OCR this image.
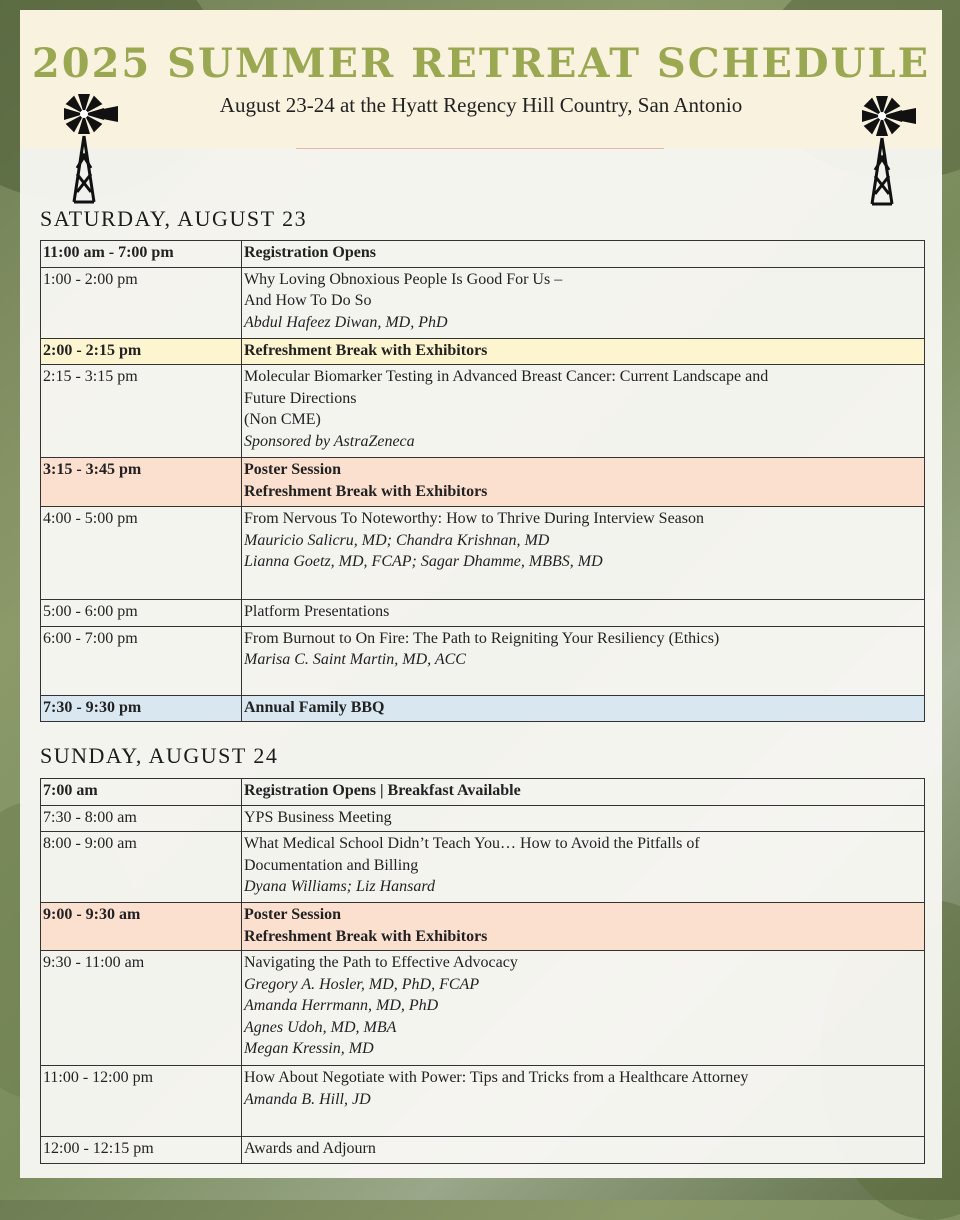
2025 SUMMER RETREAT SCHEDULE

August 23-24 at the Hyatt Regency Hill Country, San Antonio

SATURDAY, AUGUST 23
11:00 am - 7:00 pm	Registration Opens
1:00 - 2:00 pm	Why Loving Obnoxious People Is Good For Us –
And How To Do So
Abdul Hafeez Diwan, MD, PhD

2:00 - 2:15 pm	Refreshment Break with Exhibitors
2:15 - 3:15 pm	Molecular Biomarker Testing in Advanced Breast Cancer: Current Landscape and
Future Directions
(Non CME)
Sponsored by AstraZeneca

3:15 - 3:45 pm	Poster Session
Refreshment Break with Exhibitors

4:00 - 5:00 pm	From Nervous To Noteworthy: How to Thrive During Interview Season
Mauricio Salicru, MD; Chandra Krishnan, MD
Lianna Goetz, MD, FCAP; Sagar Dhamme, MBBS, MD

5:00 - 6:00 pm	Platform Presentations
6:00 - 7:00 pm	From Burnout to On Fire: The Path to Reigniting Your Resiliency (Ethics)
Marisa C. Saint Martin, MD, ACC

7:30 - 9:30 pm	Annual Family BBQ
SUNDAY, AUGUST 24
7:00 am	Registration Opens | Breakfast Available
7:30 - 8:00 am	YPS Business Meeting
8:00 - 9:00 am	What Medical School Didn’t Teach You… How to Avoid the Pitfalls of
Documentation and Billing
Dyana Williams; Liz Hansard

9:00 - 9:30 am	Poster Session
Refreshment Break with Exhibitors

9:30 - 11:00 am	Navigating the Path to Effective Advocacy
Gregory A. Hosler, MD, PhD, FCAP
Amanda Herrmann, MD, PhD
Agnes Udoh, MD, MBA
Megan Kressin, MD

11:00 - 12:00 pm	How About Negotiate with Power: Tips and Tricks from a Healthcare Attorney
Amanda B. Hill, JD

12:00 - 12:15 pm	Awards and Adjourn
